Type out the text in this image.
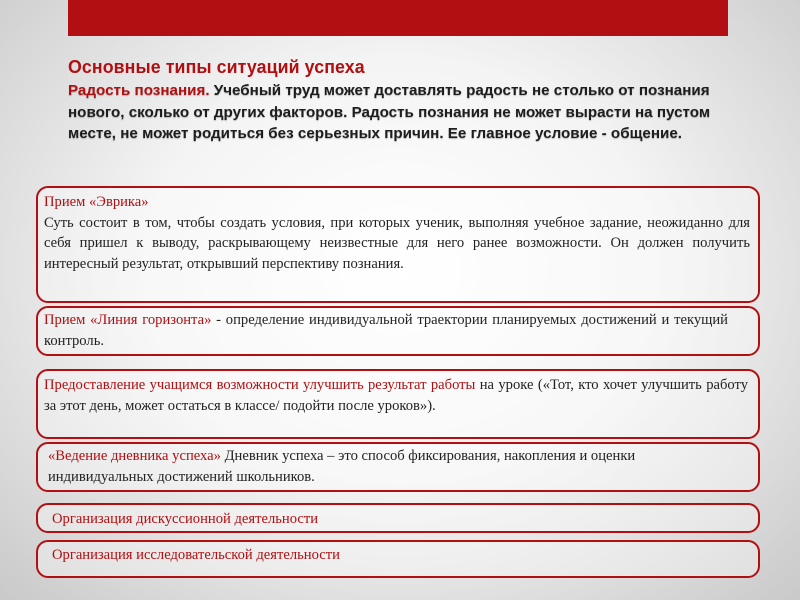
Основные типы ситуаций успеха
Радость познания. Учебный труд может доставлять радость не столько от познания нового, сколько от других факторов. Радость познания не может вырасти на пустом месте, не может родиться без серьезных причин. Ее главное условие - общение.
Прием «Эврика»
Суть состоит в том, чтобы создать условия, при которых ученик, выполняя учебное задание, неожиданно для себя пришел к выводу, раскрывающему неизвестные для него ранее возможности. Он должен получить интересный результат, открывший перспективу познания.
Прием «Линия горизонта» - определение индивидуальной траектории планируемых достижений и текущий контроль.
Предоставление учащимся возможности улучшить результат работы на уроке («Тот, кто хочет улучшить работу за этот день, может остаться в классе/ подойти после уроков»).
«Ведение дневника успеха» Дневник успеха – это способ фиксирования, накопления и оценки индивидуальных достижений школьников.
Организация дискуссионной деятельности
Организация исследовательской деятельности
